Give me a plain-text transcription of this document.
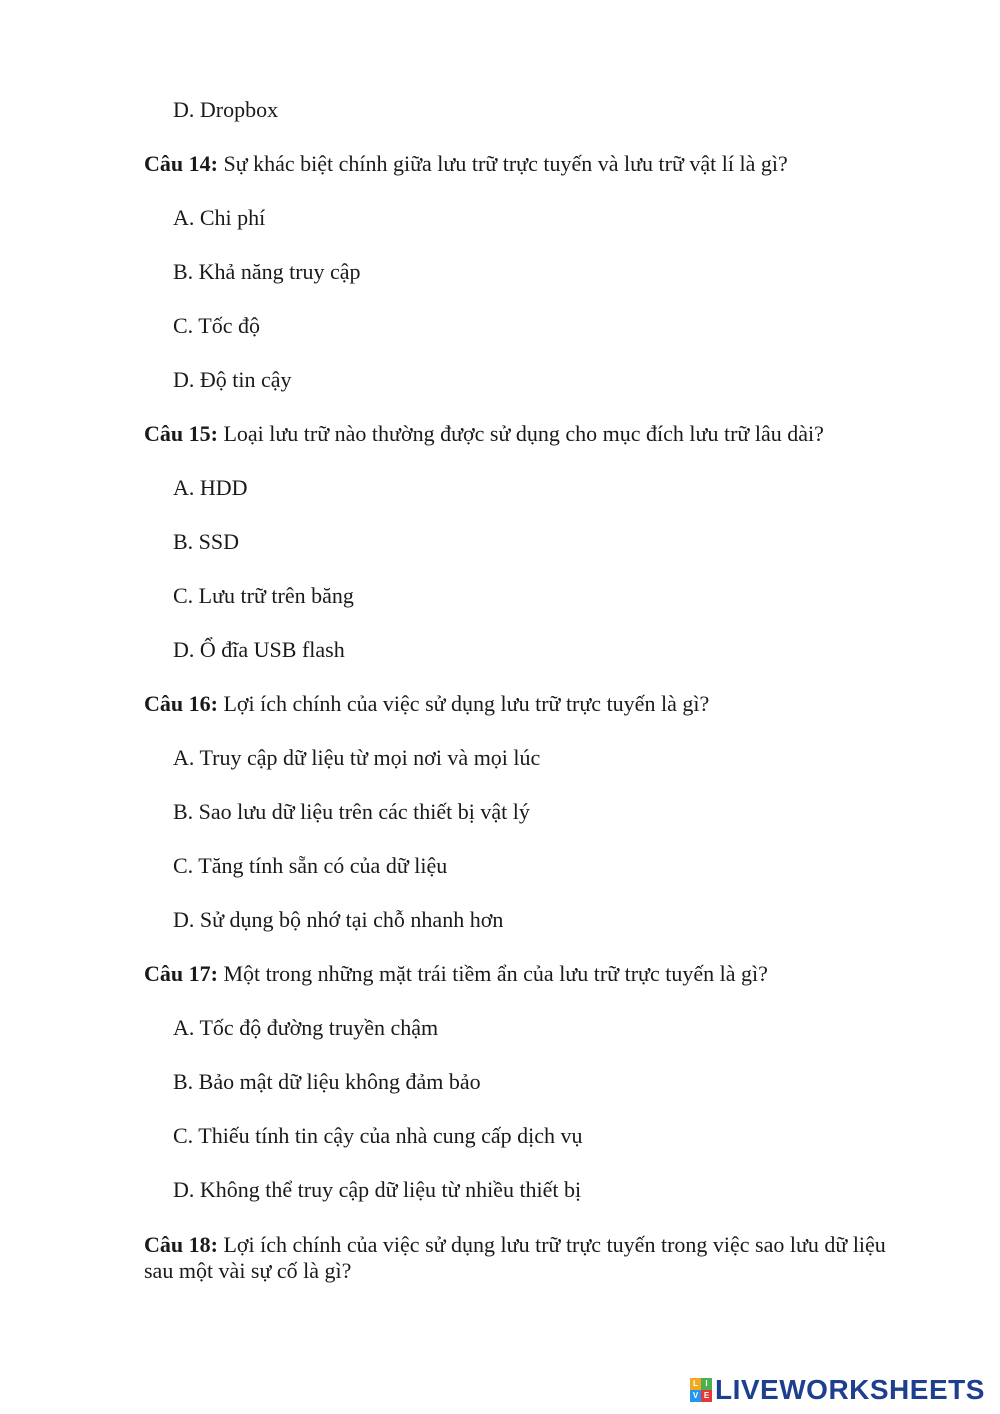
D. Dropbox
Câu 14: Sự khác biệt chính giữa lưu trữ trực tuyến và lưu trữ vật lí là gì?
A. Chi phí
B. Khả năng truy cập
C. Tốc độ
D. Độ tin cậy
Câu 15: Loại lưu trữ nào thường được sử dụng cho mục đích lưu trữ lâu dài?
A. HDD
B. SSD
C. Lưu trữ trên băng
D. Ổ đĩa USB flash
Câu 16: Lợi ích chính của việc sử dụng lưu trữ trực tuyến là gì?
A. Truy cập dữ liệu từ mọi nơi và mọi lúc
B. Sao lưu dữ liệu trên các thiết bị vật lý
C. Tăng tính sẵn có của dữ liệu
D. Sử dụng bộ nhớ tại chỗ nhanh hơn
Câu 17: Một trong những mặt trái tiềm ẩn của lưu trữ trực tuyến là gì?
A. Tốc độ đường truyền chậm
B. Bảo mật dữ liệu không đảm bảo
C. Thiếu tính tin cậy của nhà cung cấp dịch vụ
D. Không thể truy cập dữ liệu từ nhiều thiết bị
Câu 18: Lợi ích chính của việc sử dụng lưu trữ trực tuyến trong việc sao lưu dữ liệu sau một vài sự cố là gì?
L I
V E LIVEWORKSHEETS
